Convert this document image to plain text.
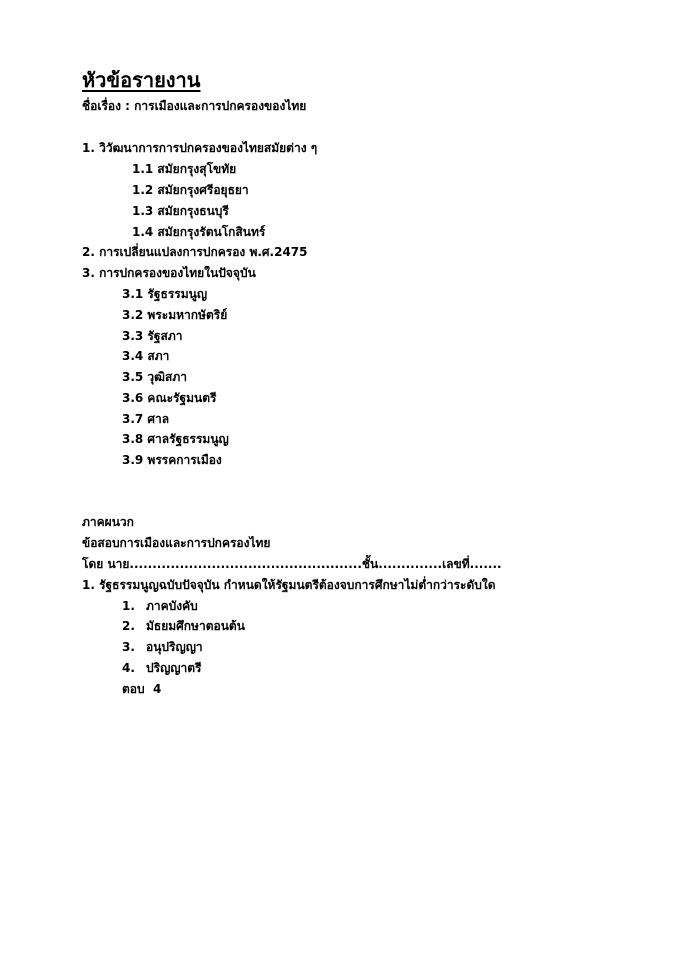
หัวข้อรายงาน
ชื่อเรื่อง : การเมืองและการปกครองของไทย
1. วิวัฒนาการการปกครองของไทยสมัยต่าง ๆ
1.1 สมัยกรุงสุโขทัย
1.2 สมัยกรุงศรีอยุธยา
1.3 สมัยกรุงธนบุรี
1.4 สมัยกรุงรัตนโกสินทร์
2. การเปลี่ยนแปลงการปกครอง พ.ศ.2475
3. การปกครองของไทยในปัจจุบัน
3.1 รัฐธรรมนูญ
3.2 พระมหากษัตริย์
3.3 รัฐสภา
3.4 สภา
3.5 วุฒิสภา
3.6 คณะรัฐมนตรี
3.7 ศาล
3.8 ศาลรัฐธรรมนูญ
3.9 พรรคการเมือง
ภาคผนวก
ข้อสอบการเมืองและการปกครองไทย
โดย นาย...................................................ชั้น..............เลขที่.......
1. รัฐธรรมนูญฉบับปัจจุบัน กำหนดให้รัฐมนตรีต้องจบการศึกษาไม่ต่ำกว่าระดับใด
1. ภาคบังคับ
2. มัธยมศึกษาตอนต้น
3. อนุปริญญา
4. ปริญญาตรี
ตอบ  4
